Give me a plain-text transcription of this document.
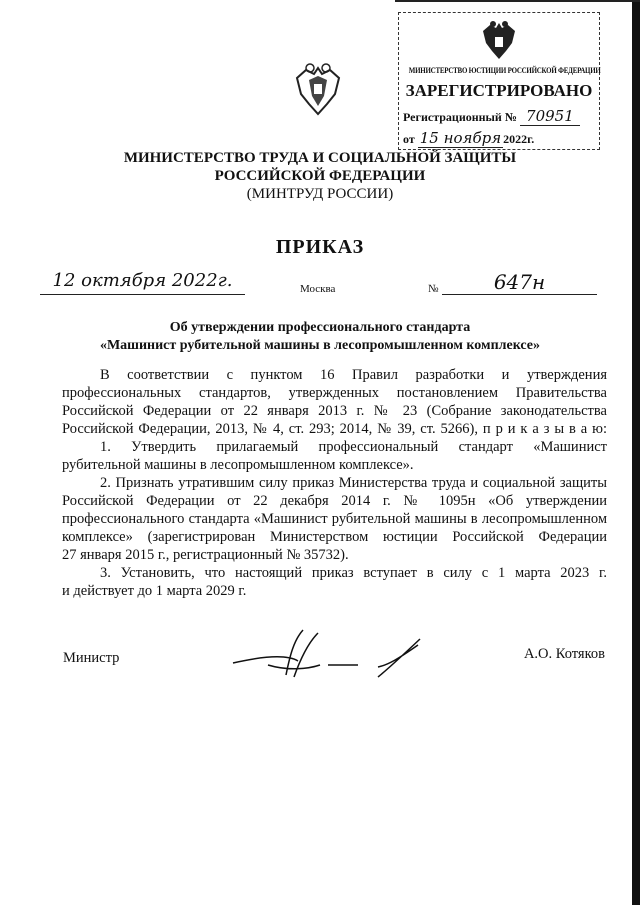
МИНИСТЕРСТВО ЮСТИЦИИ РОССИЙСКОЙ ФЕДЕРАЦИИ
ЗАРЕГИСТРИРОВАНО
Регистрационный № 70951
от 15 ноября 2022г.
МИНИСТЕРСТВО ТРУДА И СОЦИАЛЬНОЙ ЗАЩИТЫ
РОССИЙСКОЙ ФЕДЕРАЦИИ
(МИНТРУД РОССИИ)
ПРИКАЗ
12 октября 2022г.	Москва	№	647н
Об утверждении профессионального стандарта
«Машинист рубительной машины в лесопромышленном комплексе»
В соответствии с пунктом 16 Правил разработки и утверждения
профессиональных стандартов, утвержденных постановлением Правительства
Российской Федерации от 22 января 2013 г. № 23 (Собрание законодательства
Российской Федерации, 2013, № 4, ст. 293; 2014, № 39, ст. 5266), п р и к а з ы в а ю:
1. Утвердить прилагаемый профессиональный стандарт «Машинист
рубительной машины в лесопромышленном комплексе».
2. Признать утратившим силу приказ Министерства труда и социальной защиты
Российской Федерации от 22 декабря 2014 г. № 1095н «Об утверждении
профессионального стандарта «Машинист рубительной машины в лесопромышленном
комплексе» (зарегистрирован Министерством юстиции Российской Федерации
27 января 2015 г., регистрационный № 35732).
3. Установить, что настоящий приказ вступает в силу с 1 марта 2023 г.
и действует до 1 марта 2029 г.
Министр	А.О. Котяков
